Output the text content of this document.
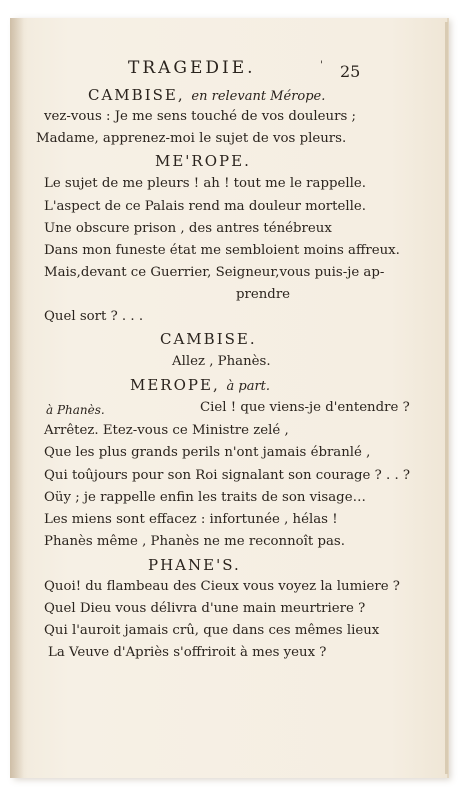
TRAGEDIE.	' 25
CAMBISE, en relevant Mérope.
vez-vous : Je me sens touché de vos douleurs ;
Madame, apprenez-moi le sujet de vos pleurs.
ME'ROPE.
Le sujet de me pleurs ! ah ! tout me le rappelle.
L'aspect de ce Palais rend ma douleur mortelle.
Une obscure prison , des antres ténébreux
Dans mon funeste état me sembloient moins affreux.
Mais,devant ce Guerrier, Seigneur,vous puis-je ap-
prendre
Quel sort ? . . .
CAMBISE.
Allez , Phanès.
MEROPE, à part.
à Phanès.	Ciel ! que viens-je d'entendre ?
Arrêtez. Etez-vous ce Ministre zelé ,
Que les plus grands perils n'ont jamais ébranlé ,
Qui toûjours pour son Roi signalant son courage ? . . ?
Oüy ; je rappelle enfin les traits de son visage…
Les miens sont effacez : infortunée , hélas !
Phanès même , Phanès ne me reconnoît pas.
PHANE'S.
Quoi! du flambeau des Cieux vous voyez la lumiere ?
Quel Dieu vous délivra d'une main meurtriere ?
Qui l'auroit jamais crû, que dans ces mêmes lieux
La Veuve d'Apriès s'offriroit à mes yeux ?
